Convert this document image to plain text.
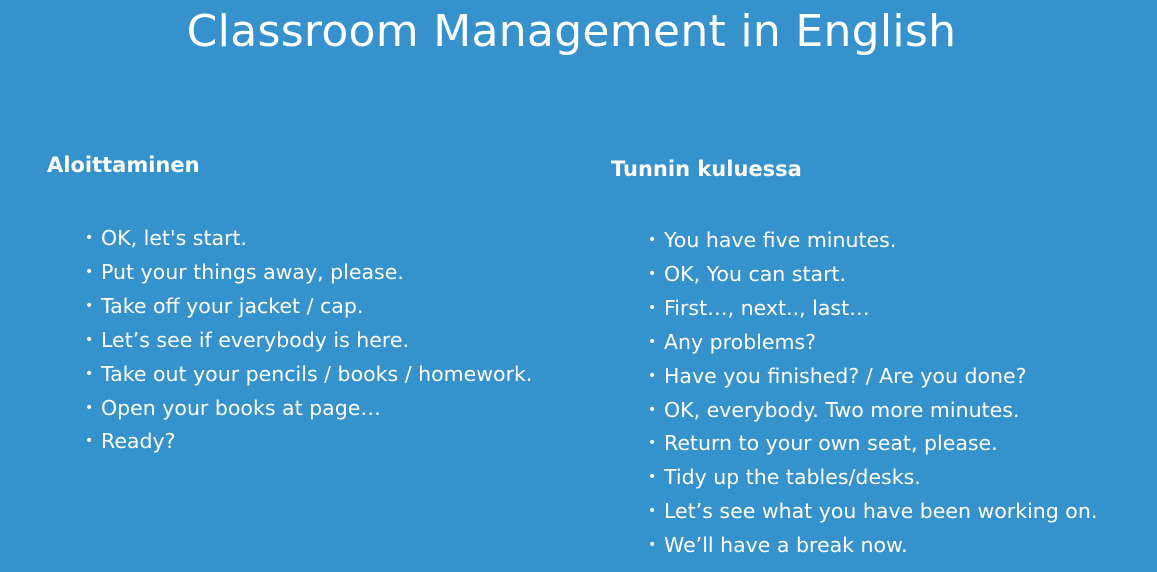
Classroom Management in English
Aloittaminen
• OK, let's start.
• Put your things away, please.
• Take off your jacket / cap.
• Let’s see if everybody is here.
• Take out your pencils / books / homework.
• Open your books at page…
• Ready?
Tunnin kuluessa
• You have five minutes.
• OK, You can start.
• First…, next.., last…
• Any problems?
• Have you finished? / Are you done?
• OK, everybody. Two more minutes.
• Return to your own seat, please.
• Tidy up the tables/desks.
• Let’s see what you have been working on.
• We’ll have a break now.
